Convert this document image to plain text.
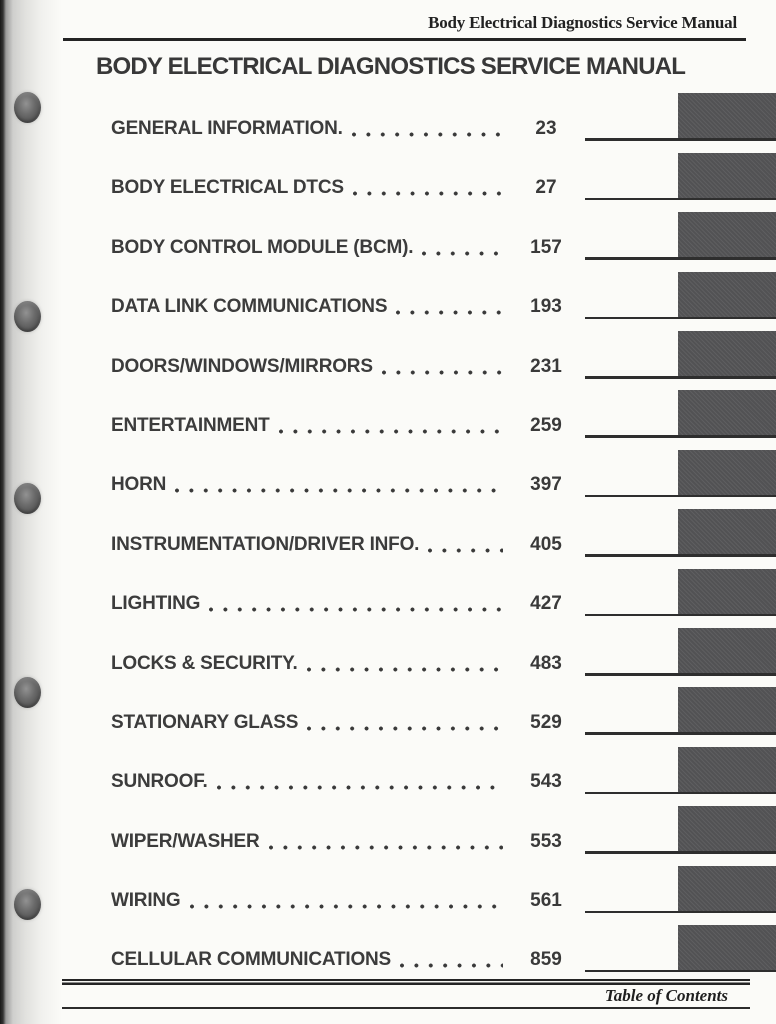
Body Electrical Diagnostics Service Manual
BODY ELECTRICAL DIAGNOSTICS SERVICE MANUAL
GENERAL INFORMATION.	23
BODY ELECTRICAL DTCS	27
BODY CONTROL MODULE (BCM).	157
DATA LINK COMMUNICATIONS	193
DOORS/WINDOWS/MIRRORS	231
ENTERTAINMENT	259
HORN	397
INSTRUMENTATION/DRIVER INFO.	405
LIGHTING	427
LOCKS & SECURITY.	483
STATIONARY GLASS	529
SUNROOF.	543
WIPER/WASHER	553
WIRING	561
CELLULAR COMMUNICATIONS	859
Table of Contents
